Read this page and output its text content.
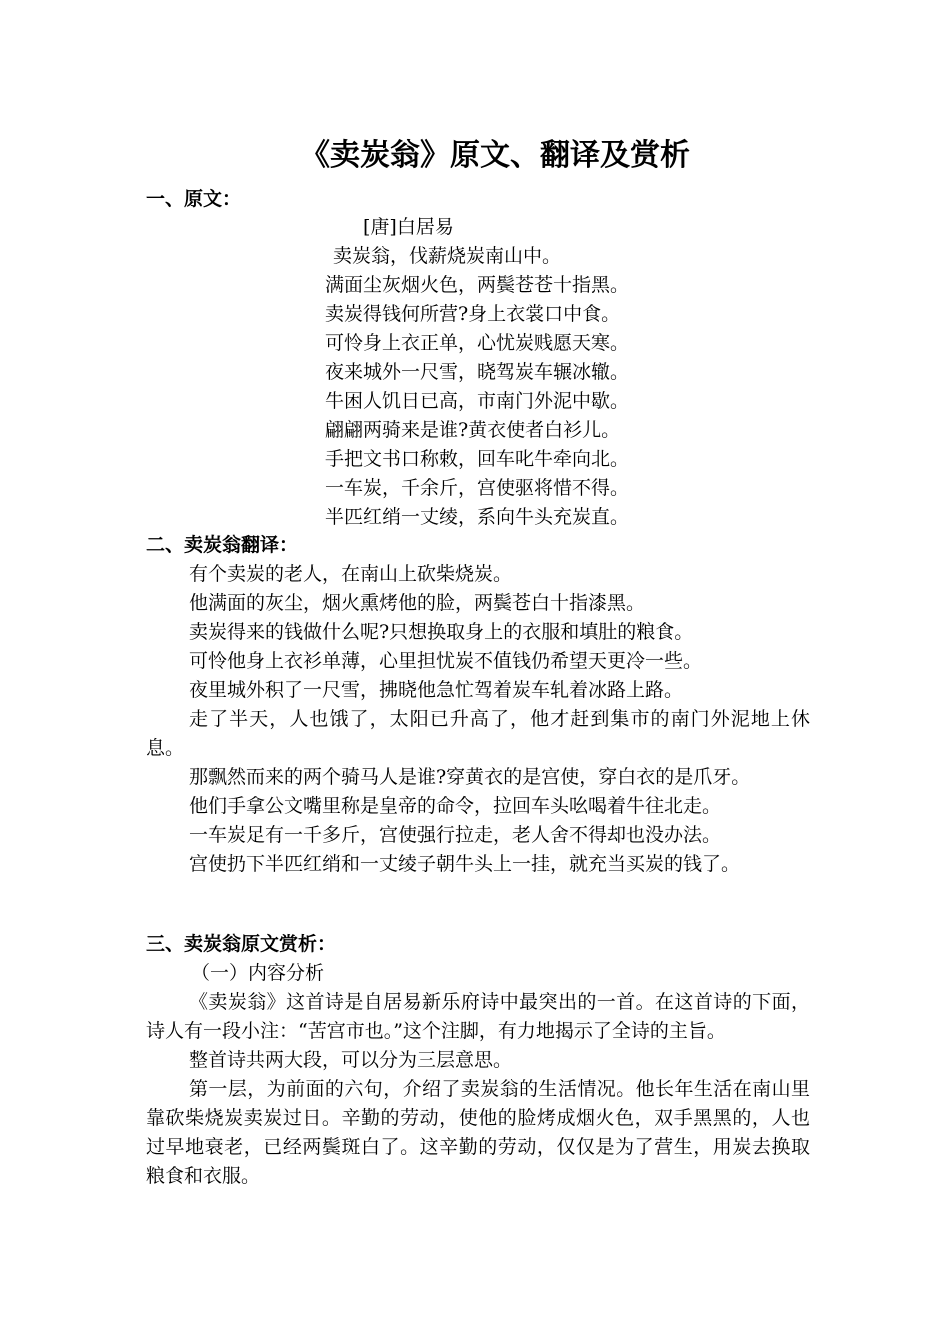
《卖炭翁》原文、翻译及赏析
一、原文：
[唐]白居易
卖炭翁，伐薪烧炭南山中。
满面尘灰烟火色，两鬓苍苍十指黑。
卖炭得钱何所营?身上衣裳口中食。
可怜身上衣正单，心忧炭贱愿天寒。
夜来城外一尺雪，晓驾炭车辗冰辙。
牛困人饥日已高，市南门外泥中歇。
翩翩两骑来是谁?黄衣使者白衫儿。
手把文书口称敕，回车叱牛牵向北。
一车炭，千余斤，宫使驱将惜不得。
半匹红绡一丈绫，系向牛头充炭直。
二、卖炭翁翻译：

有个卖炭的老人，在南山上砍柴烧炭。

他满面的灰尘，烟火熏烤他的脸，两鬓苍白十指漆黑。

卖炭得来的钱做什么呢?只想换取身上的衣服和填肚的粮食。

可怜他身上衣衫单薄，心里担忧炭不值钱仍希望天更冷一些。

夜里城外积了一尺雪，拂晓他急忙驾着炭车轧着冰路上路。

走了半天，人也饿了，太阳已升高了，他才赶到集市的南门外泥地上休息。

那飘然而来的两个骑马人是谁?穿黄衣的是宫使，穿白衣的是爪牙。

他们手拿公文嘴里称是皇帝的命令，拉回车头吆喝着牛往北走。

一车炭足有一千多斤，宫使强行拉走，老人舍不得却也没办法。

宫使扔下半匹红绡和一丈绫子朝牛头上一挂，就充当买炭的钱了。

三、卖炭翁原文赏析：
（一）内容分析

《卖炭翁》这首诗是自居易新乐府诗中最突出的一首。在这首诗的下面，诗人有一段小注：“苦宫市也。”这个注脚，有力地揭示了全诗的主旨。

整首诗共两大段，可以分为三层意思。

第一层，为前面的六句，介绍了卖炭翁的生活情况。他长年生活在南山里靠砍柴烧炭卖炭过日。辛勤的劳动，使他的脸烤成烟火色，双手黑黑的，人也过早地衰老，已经两鬓斑白了。这辛勤的劳动，仅仅是为了营生，用炭去换取粮食和衣服。
